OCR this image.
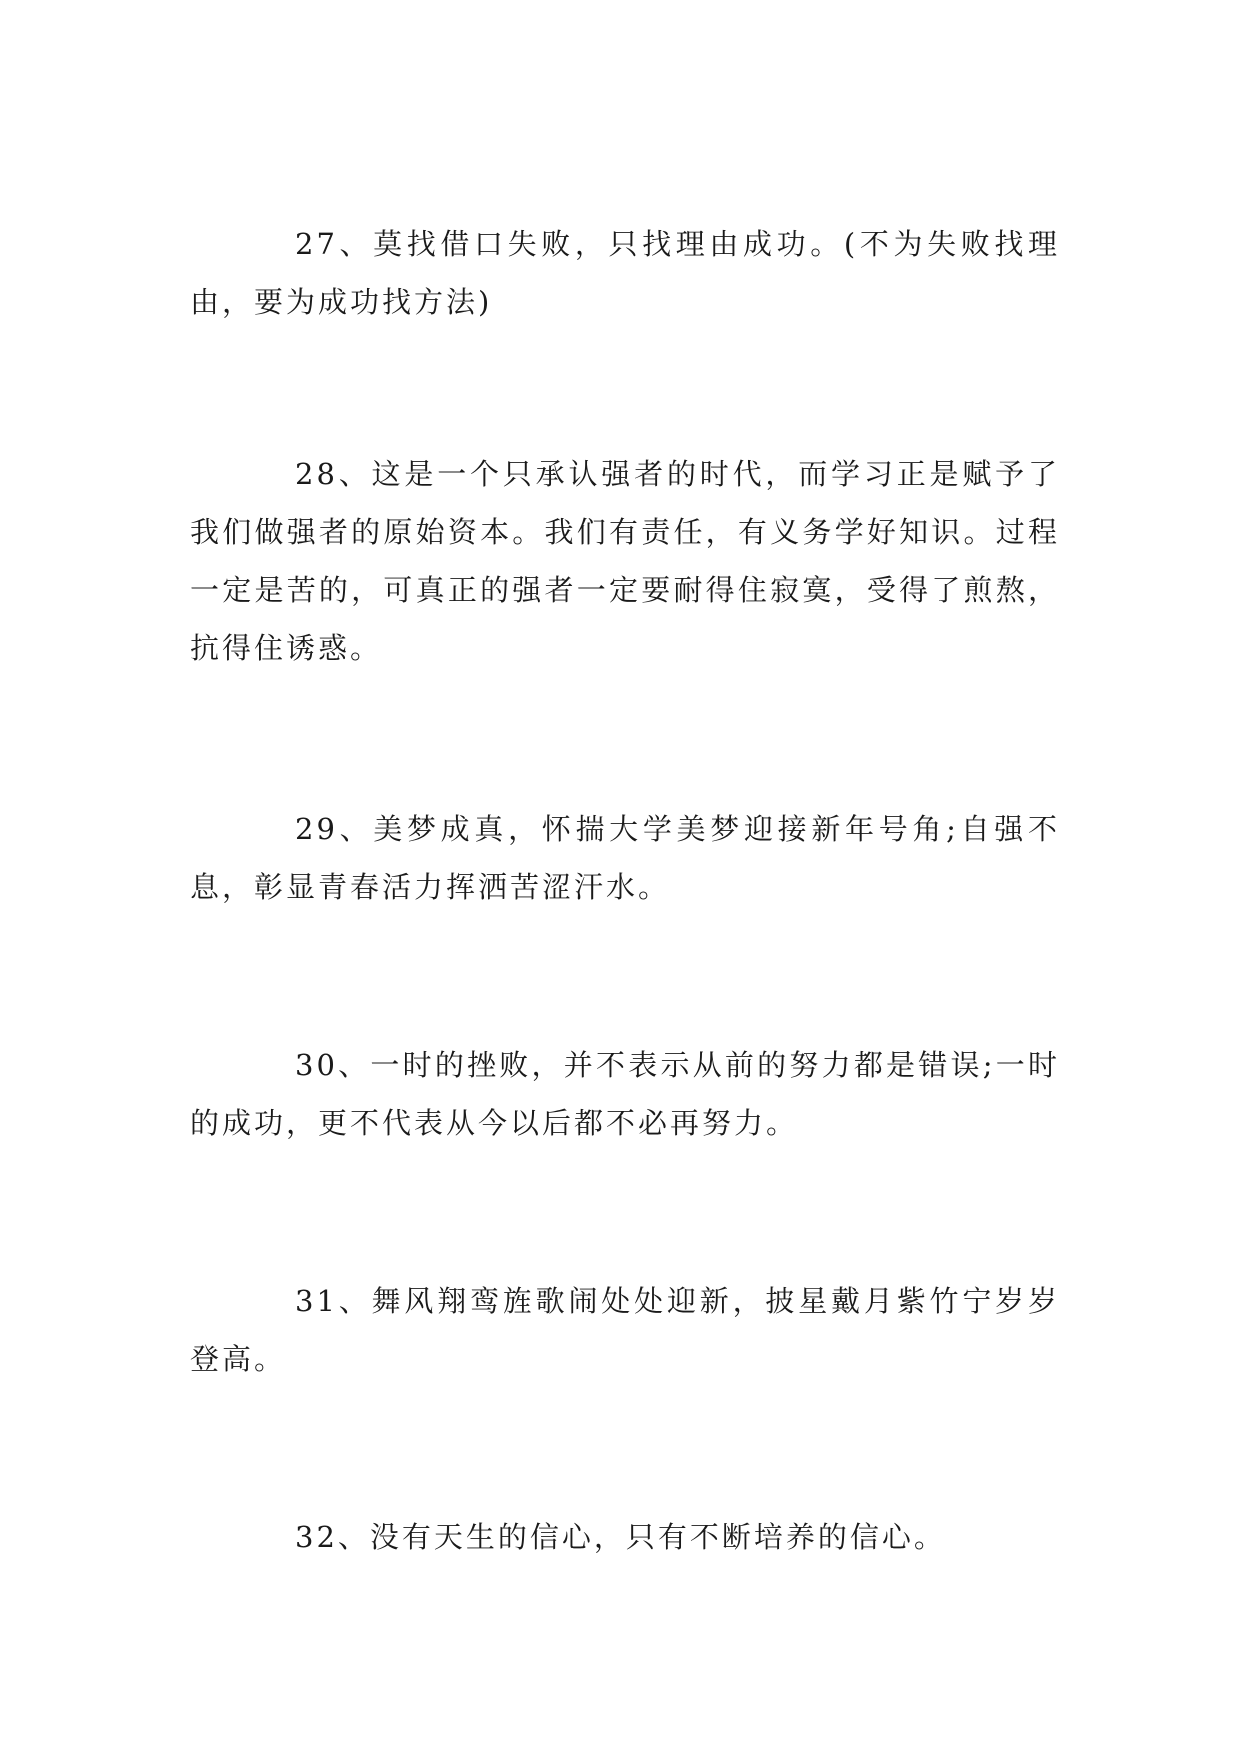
27、莫找借口失败，只找理由成功。(不为失败找理由，要为成功找方法)

28、这是一个只承认强者的时代，而学习正是赋予了我们做强者的原始资本。我们有责任，有义务学好知识。过程一定是苦的，可真正的强者一定要耐得住寂寞，受得了煎熬，抗得住诱惑。

29、美梦成真，怀揣大学美梦迎接新年号角;自强不息，彰显青春活力挥洒苦涩汗水。

30、一时的挫败，并不表示从前的努力都是错误;一时的成功，更不代表从今以后都不必再努力。

31、舞风翔鸾旌歌闹处处迎新，披星戴月紫竹宁岁岁登高。

32、没有天生的信心，只有不断培养的信心。
